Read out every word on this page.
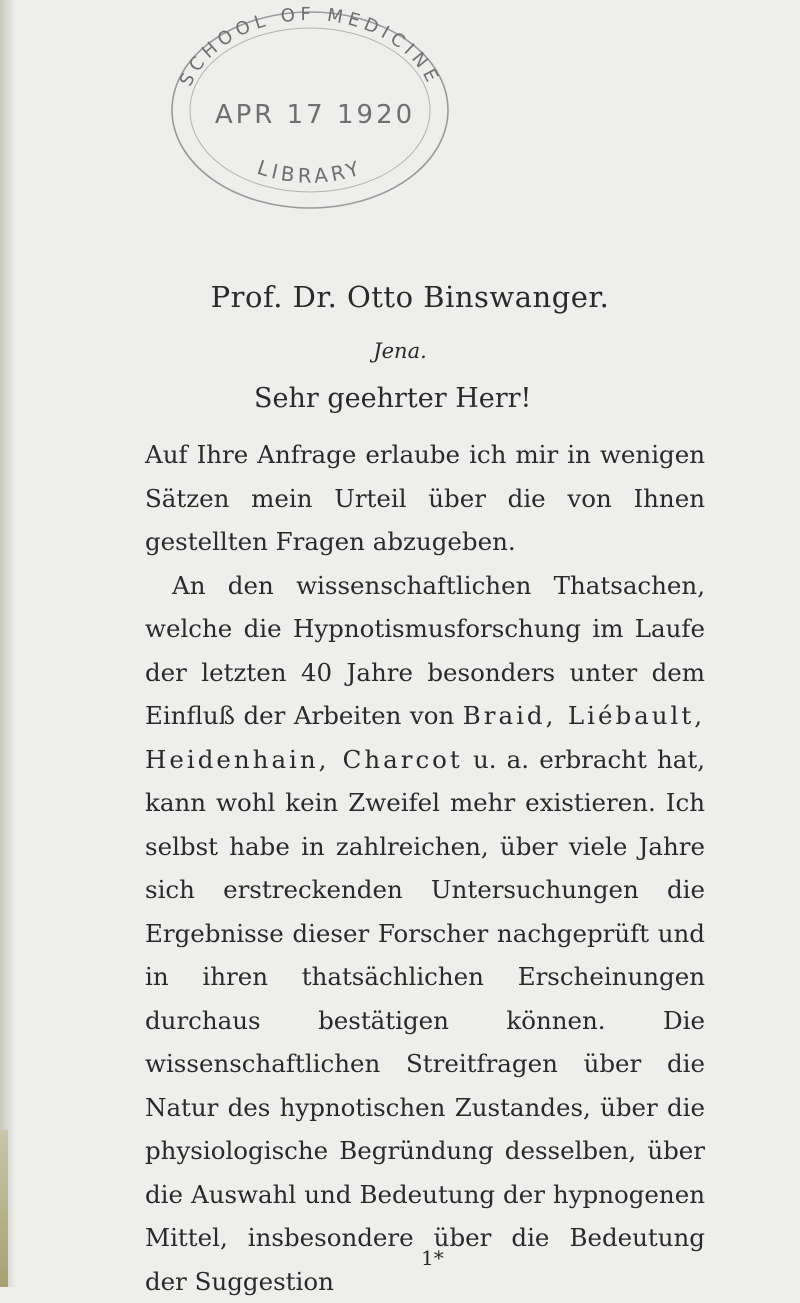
SCHOOL OF MEDICINE
APR 17 1920
LIBRARY
Prof. Dr. Otto Binswanger.
Jena.
Sehr geehrter Herr!

Auf Ihre Anfrage erlaube ich mir in wenigen Sätzen mein Urteil über die von Ihnen gestellten Fragen abzugeben.

An den wissenschaftlichen Thatsachen, welche die Hypnotismusforschung im Laufe der letzten 40 Jahre besonders unter dem Einfluß der Arbeiten von Braid, Liébault, Heidenhain, Charcot u. a. erbracht hat, kann wohl kein Zweifel mehr existieren. Ich selbst habe in zahlreichen, über viele Jahre sich erstreckenden Untersuchungen die Ergebnisse dieser Forscher nachgeprüft und in ihren thatsächlichen Erscheinungen durchaus bestätigen können. Die wissenschaftlichen Streitfragen über die Natur des hypnotischen Zustandes, über die physiologische Begründung desselben, über die Auswahl und Bedeutung der hypnogenen Mittel, insbesondere über die Bedeutung der Suggestion

1*
